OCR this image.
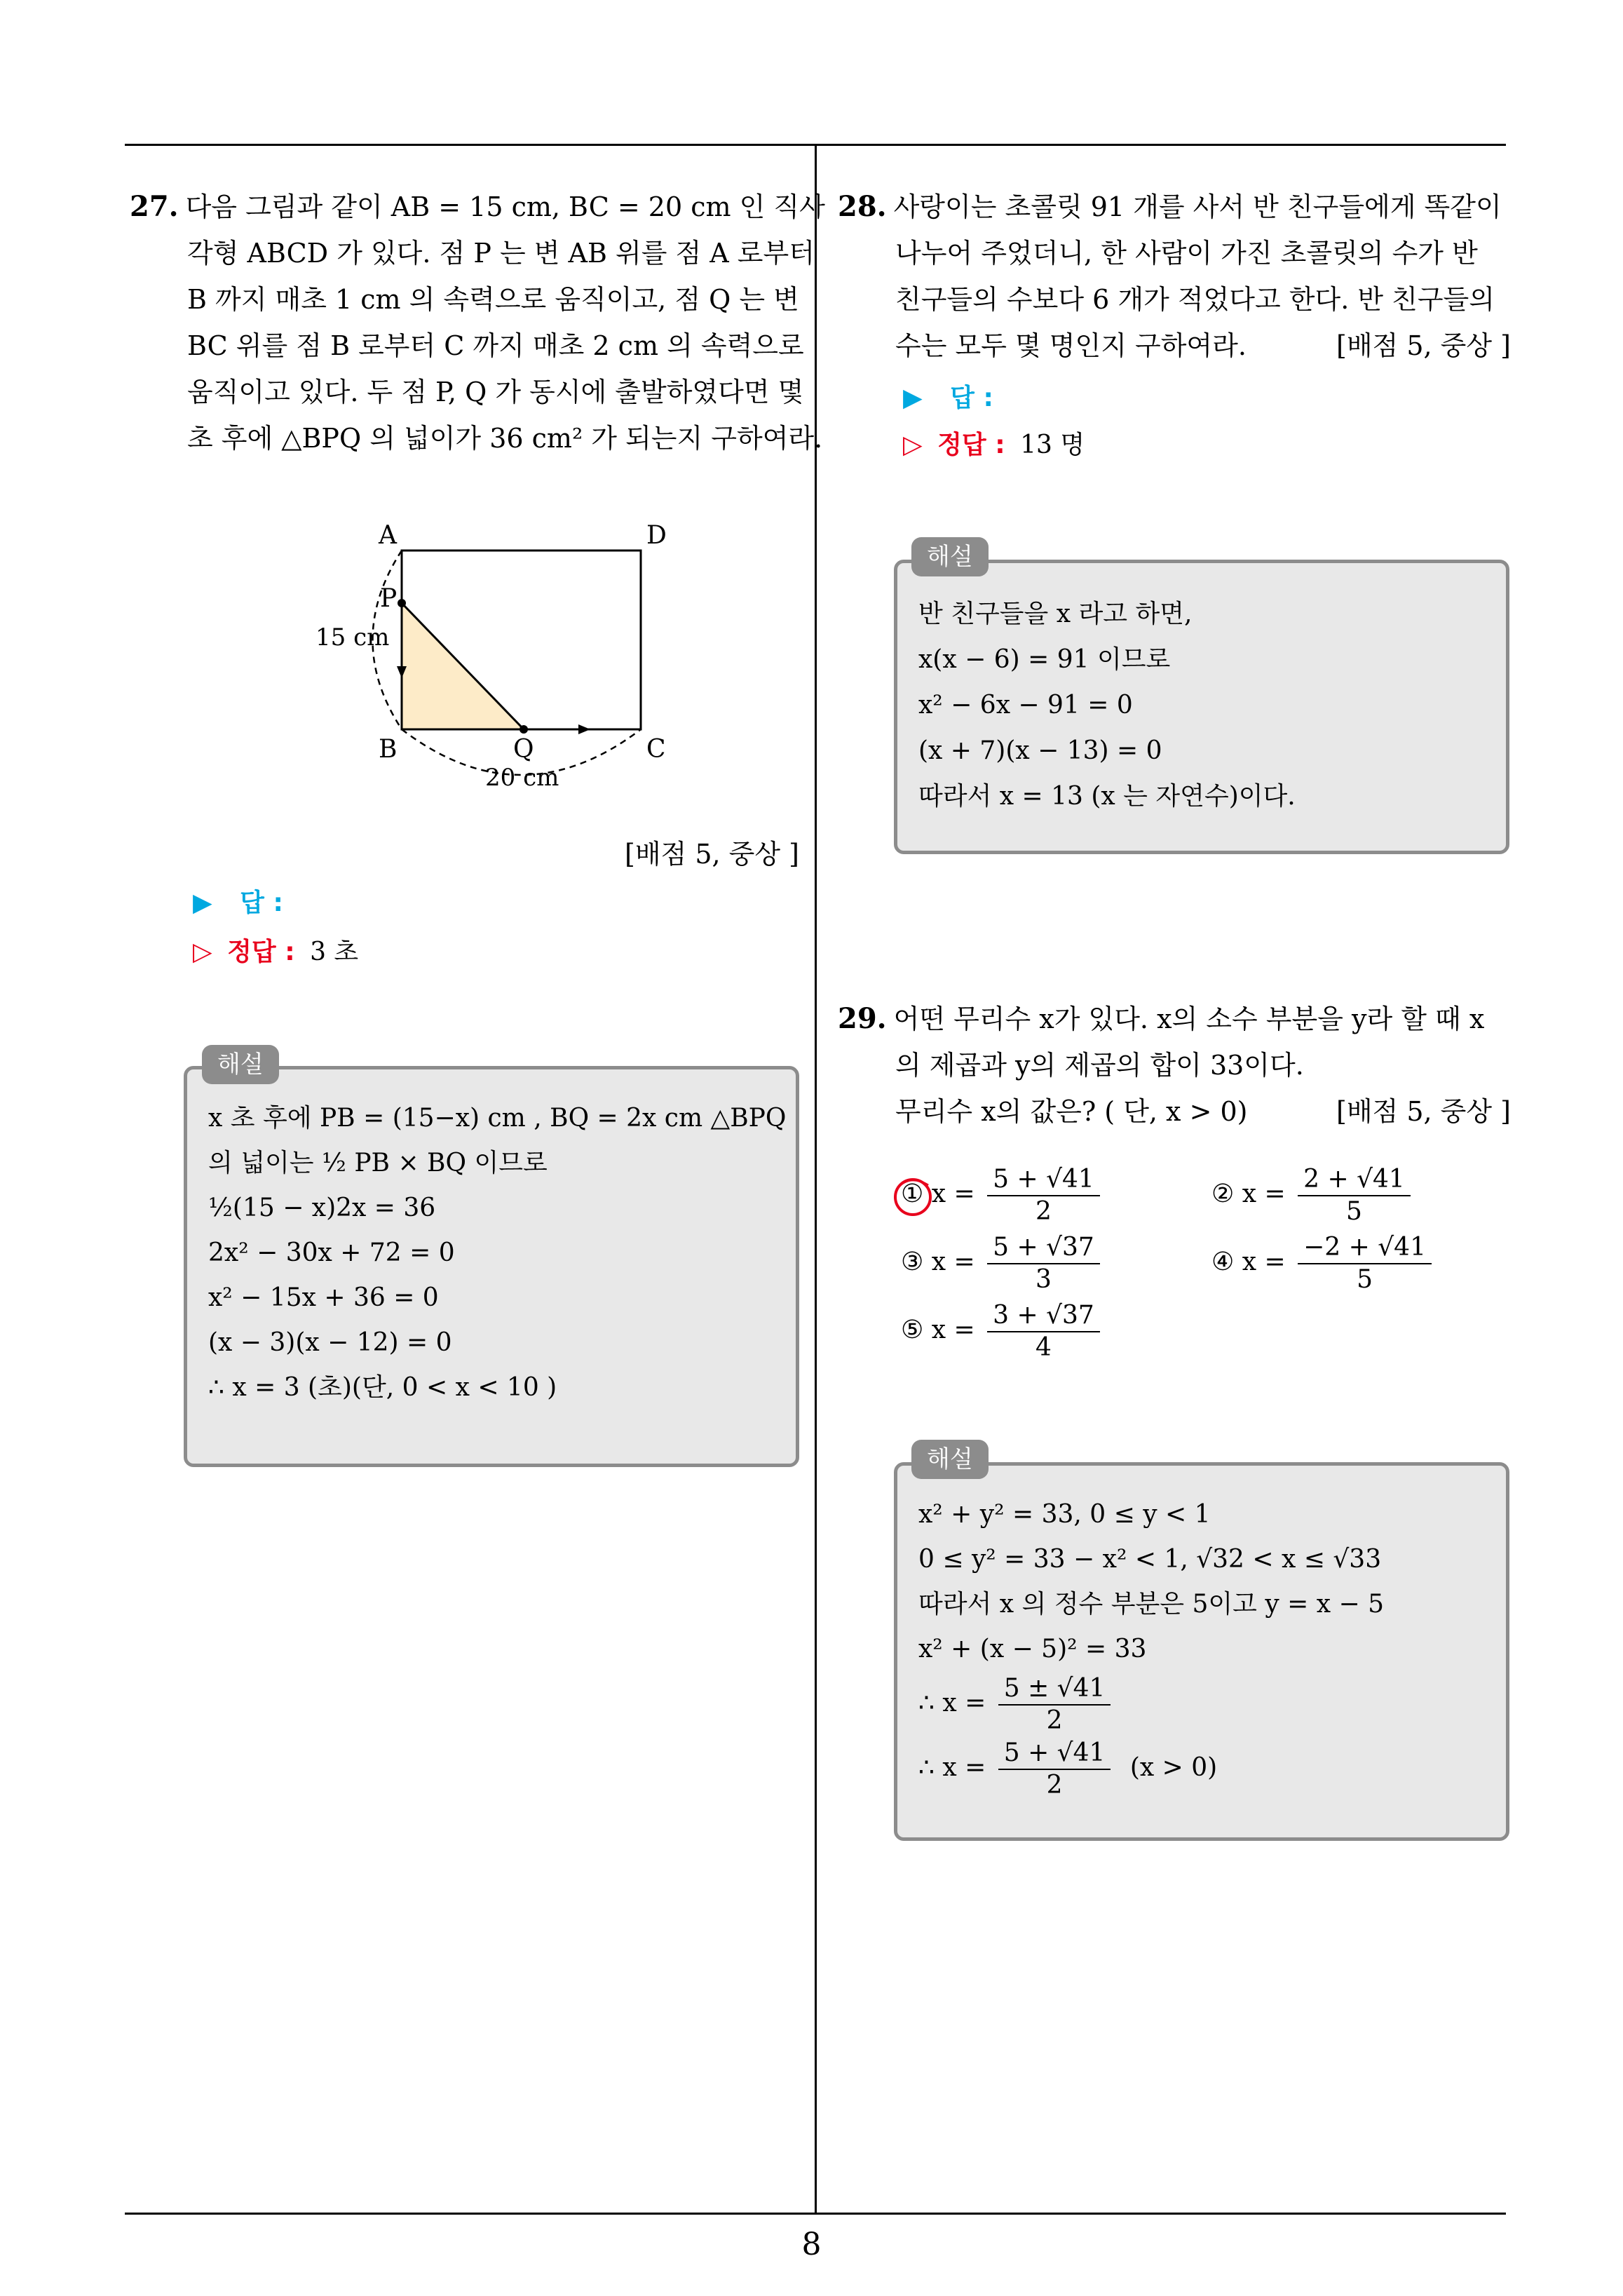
27. 다음 그림과 같이 AB = 15 cm, BC = 20 cm 인 직사
각형 ABCD 가 있다. 점 P 는 변 AB 위를 점 A 로부터
B 까지 매초 1 cm 의 속력으로 움직이고, 점 Q 는 변
BC 위를 점 B 로부터 C 까지 매초 2 cm 의 속력으로
움직이고 있다. 두 점 P, Q 가 동시에 출발하였다면 몇
초 후에 △BPQ 의 넓이가 36 cm² 가 되는지 구하여라.
A	D
P
B	Q	C
15 cm
20 cm
[배점 5, 중상 ]
▶ 답 :
▷ 정답 : 3 초
x 초 후에 PB = (15−x) cm , BQ = 2x cm △BPQ
의 넓이는 ½ PB × BQ 이므로
½(15 − x)2x = 36
2x² − 30x + 72 = 0
x² − 15x + 36 = 0
(x − 3)(x − 12) = 0
∴ x = 3 (초)(단, 0 < x < 10 )
해설
28. 사랑이는 초콜릿 91 개를 사서 반 친구들에게 똑같이
나누어 주었더니, 한 사람이 가진 초콜릿의 수가 반
친구들의 수보다 6 개가 적었다고 한다. 반 친구들의
수는 모두 몇 명인지 구하여라.	[배점 5, 중상 ]
▶ 답 :
▷ 정답 : 13 명
반 친구들을 x 라고 하면,
x(x − 6) = 91 이므로
x² − 6x − 91 = 0
(x + 7)(x − 13) = 0
따라서 x = 13 (x 는 자연수)이다.
해설
29. 어떤 무리수 x가 있다. x의 소수 부분을 y라 할 때 x
의 제곱과 y의 제곱의 합이 33이다.
무리수 x의 값은? ( 단, x > 0)	[배점 5, 중상 ]
① $x = \frac{5 + √41}{2}$	② $x = \frac{2 + √41}{5}$
③ $x = \frac{5 + √37}{3}$	④ $x = \frac{-2 + √41}{5}$
⑤ $x = \frac{3 + √37}{4}$
x² + y² = 33, 0 ≤ y < 1
0 ≤ y² = 33 − x² < 1, √32 < x ≤ √33
따라서 x 의 정수 부분은 5이고 y = x − 5
x² + (x − 5)² = 33
∴ $x = \frac{5 \pm √41}{2}$
∴ $x = \frac{5 + √41}{2} (x > 0)$
해설
8
